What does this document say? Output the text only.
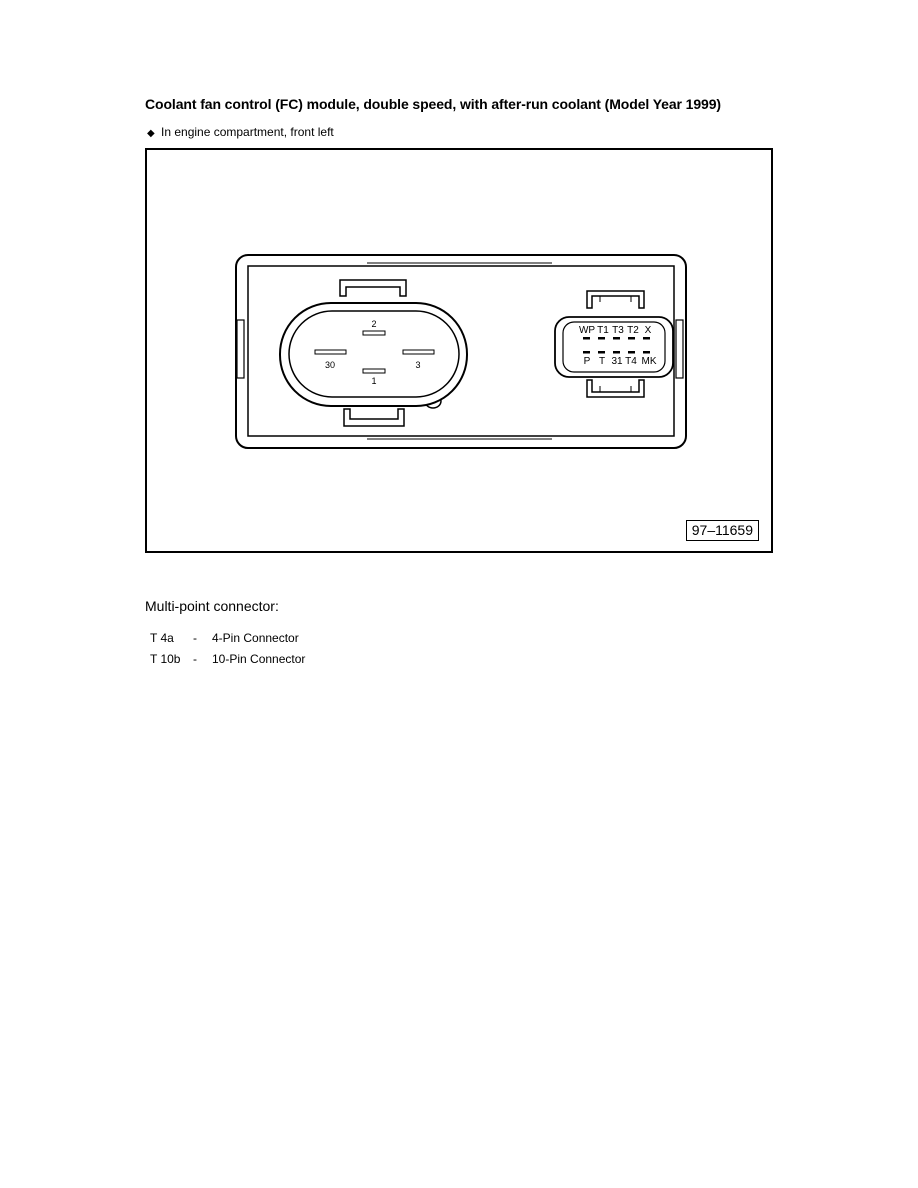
Coolant fan control (FC) module, double speed, with after-run coolant (Model Year 1999)
◆ In engine compartment, front left
2
30	3
1
WP T1 T3 T2 X
P T 31 T4 MK
97–11659
Multi-point connector:
T 4a - 4-Pin Connector
T 10b - 10-Pin Connector
